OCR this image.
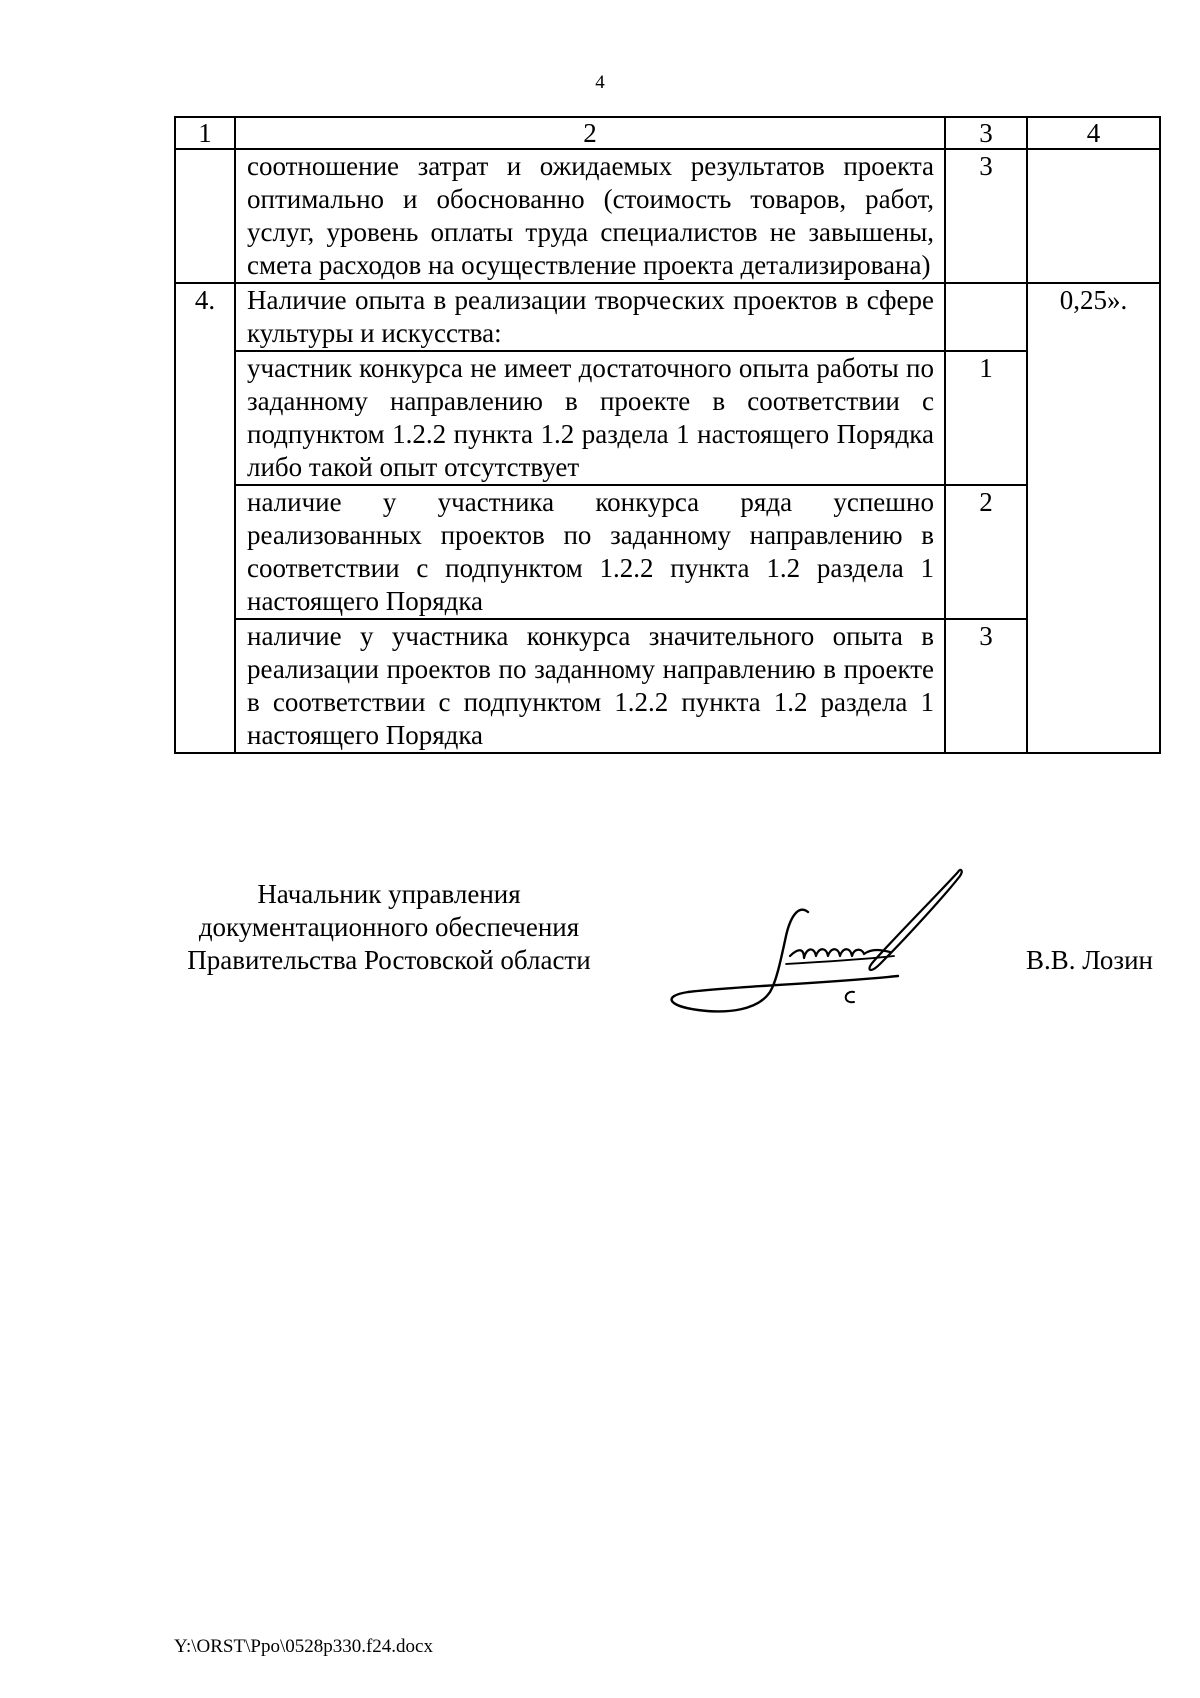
4
1	2	3	4
	соотношение затрат и ожидаемых результатов проекта оптимально и обоснованно (стоимость товаров, работ, услуг, уровень оплаты труда специалистов не завышены, смета расходов на осуществление проекта детализирована)	3	
4.	Наличие опыта в реализации творческих проектов в сфере культуры и искусства:		0,25».
	участник конкурса не имеет достаточного опыта работы по заданному направлению в проекте в соответствии с подпунктом 1.2.2 пункта 1.2 раздела 1 настоящего Порядка либо такой опыт отсутствует	1	
	наличие у участника конкурса ряда успешно реализованных проектов по заданному направлению в соответствии с подпунктом 1.2.2 пункта 1.2 раздела 1 настоящего Порядка	2	
	наличие у участника конкурса значительного опыта в реализации проектов по заданному направлению в проекте в соответствии с подпунктом 1.2.2 пункта 1.2 раздела 1 настоящего Порядка	3	
Начальник управления
документационного обеспечения
Правительства Ростовской области	В.В. Лозин
Y:\ORST\Ppo\0528p330.f24.docx
